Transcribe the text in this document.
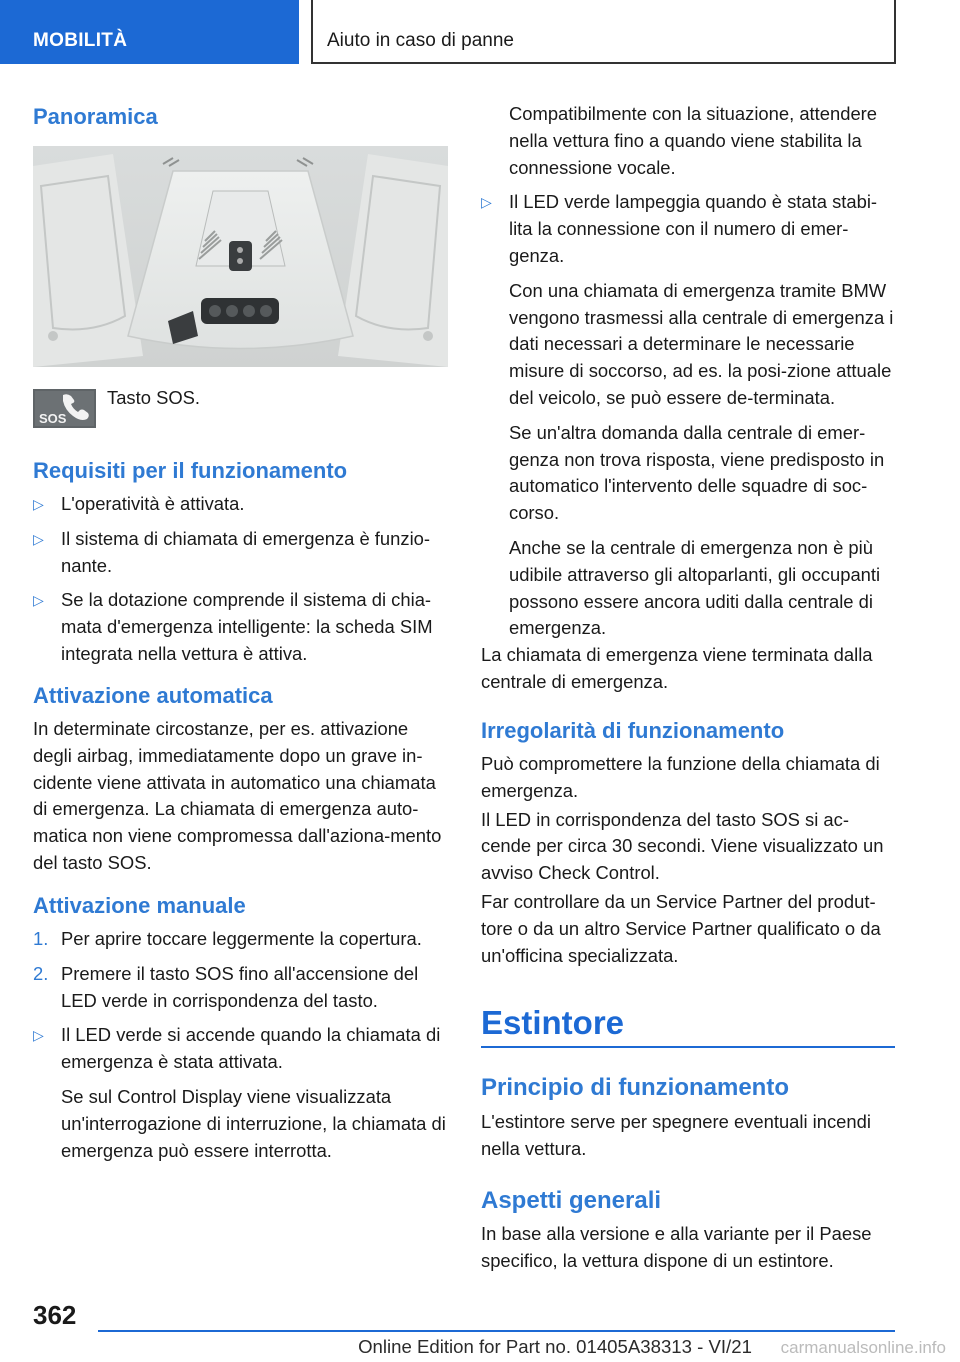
MOBILITÀ	Aiuto in caso di panne
Panoramica
SOS

Tasto SOS.

Requisiti per il funzionamento
▷ L'operatività è attivata.
▷ Il sistema di chiamata di emergenza è funzio-nante.
▷ Se la dotazione comprende il sistema di chia-mata d'emergenza intelligente: la scheda SIM integrata nella vettura è attiva.
Attivazione automatica

In determinate circostanze, per es. attivazione degli airbag, immediatamente dopo un grave in-cidente viene attivata in automatico una chiamata di emergenza. La chiamata di emergenza auto-matica non viene compromessa dall'aziona-mento del tasto SOS.

Attivazione manuale
1. Per aprire toccare leggermente la copertura.
2. Premere il tasto SOS fino all'accensione del LED verde in corrispondenza del tasto.
▷ Il LED verde si accende quando la chiamata di emergenza è stata attivata.
Se sul Control Display viene visualizzata un'interrogazione di interruzione, la chiamata di emergenza può essere interrotta.
Compatibilmente con la situazione, attendere nella vettura fino a quando viene stabilita la connessione vocale.
▷ Il LED verde lampeggia quando è stata stabi-lita la connessione con il numero di emer-genza.
Con una chiamata di emergenza tramite BMW vengono trasmessi alla centrale di emergenza i dati necessari a determinare le necessarie misure di soccorso, ad es. la posi-zione attuale del veicolo, se può essere de-terminata.
Se un'altra domanda dalla centrale di emer-genza non trova risposta, viene predisposto in automatico l'intervento delle squadre di soc-corso.
Anche se la centrale di emergenza non è più udibile attraverso gli altoparlanti, gli occupanti possono essere ancora uditi dalla centrale di emergenza.

La chiamata di emergenza viene terminata dalla centrale di emergenza.

Irregolarità di funzionamento

Può compromettere la funzione della chiamata di emergenza.

Il LED in corrispondenza del tasto SOS si ac-cende per circa 30 secondi. Viene visualizzato un avviso Check Control.

Far controllare da un Service Partner del produt-tore o da un altro Service Partner qualificato o da un'officina specializzata.

Estintore
Principio di funzionamento

L'estintore serve per spegnere eventuali incendi nella vettura.

Aspetti generali

In base alla versione e alla variante per il Paese specifico, la vettura dispone di un estintore.

362
Online Edition for Part no. 01405A38313 - VI/21 carmanualsonline.info
